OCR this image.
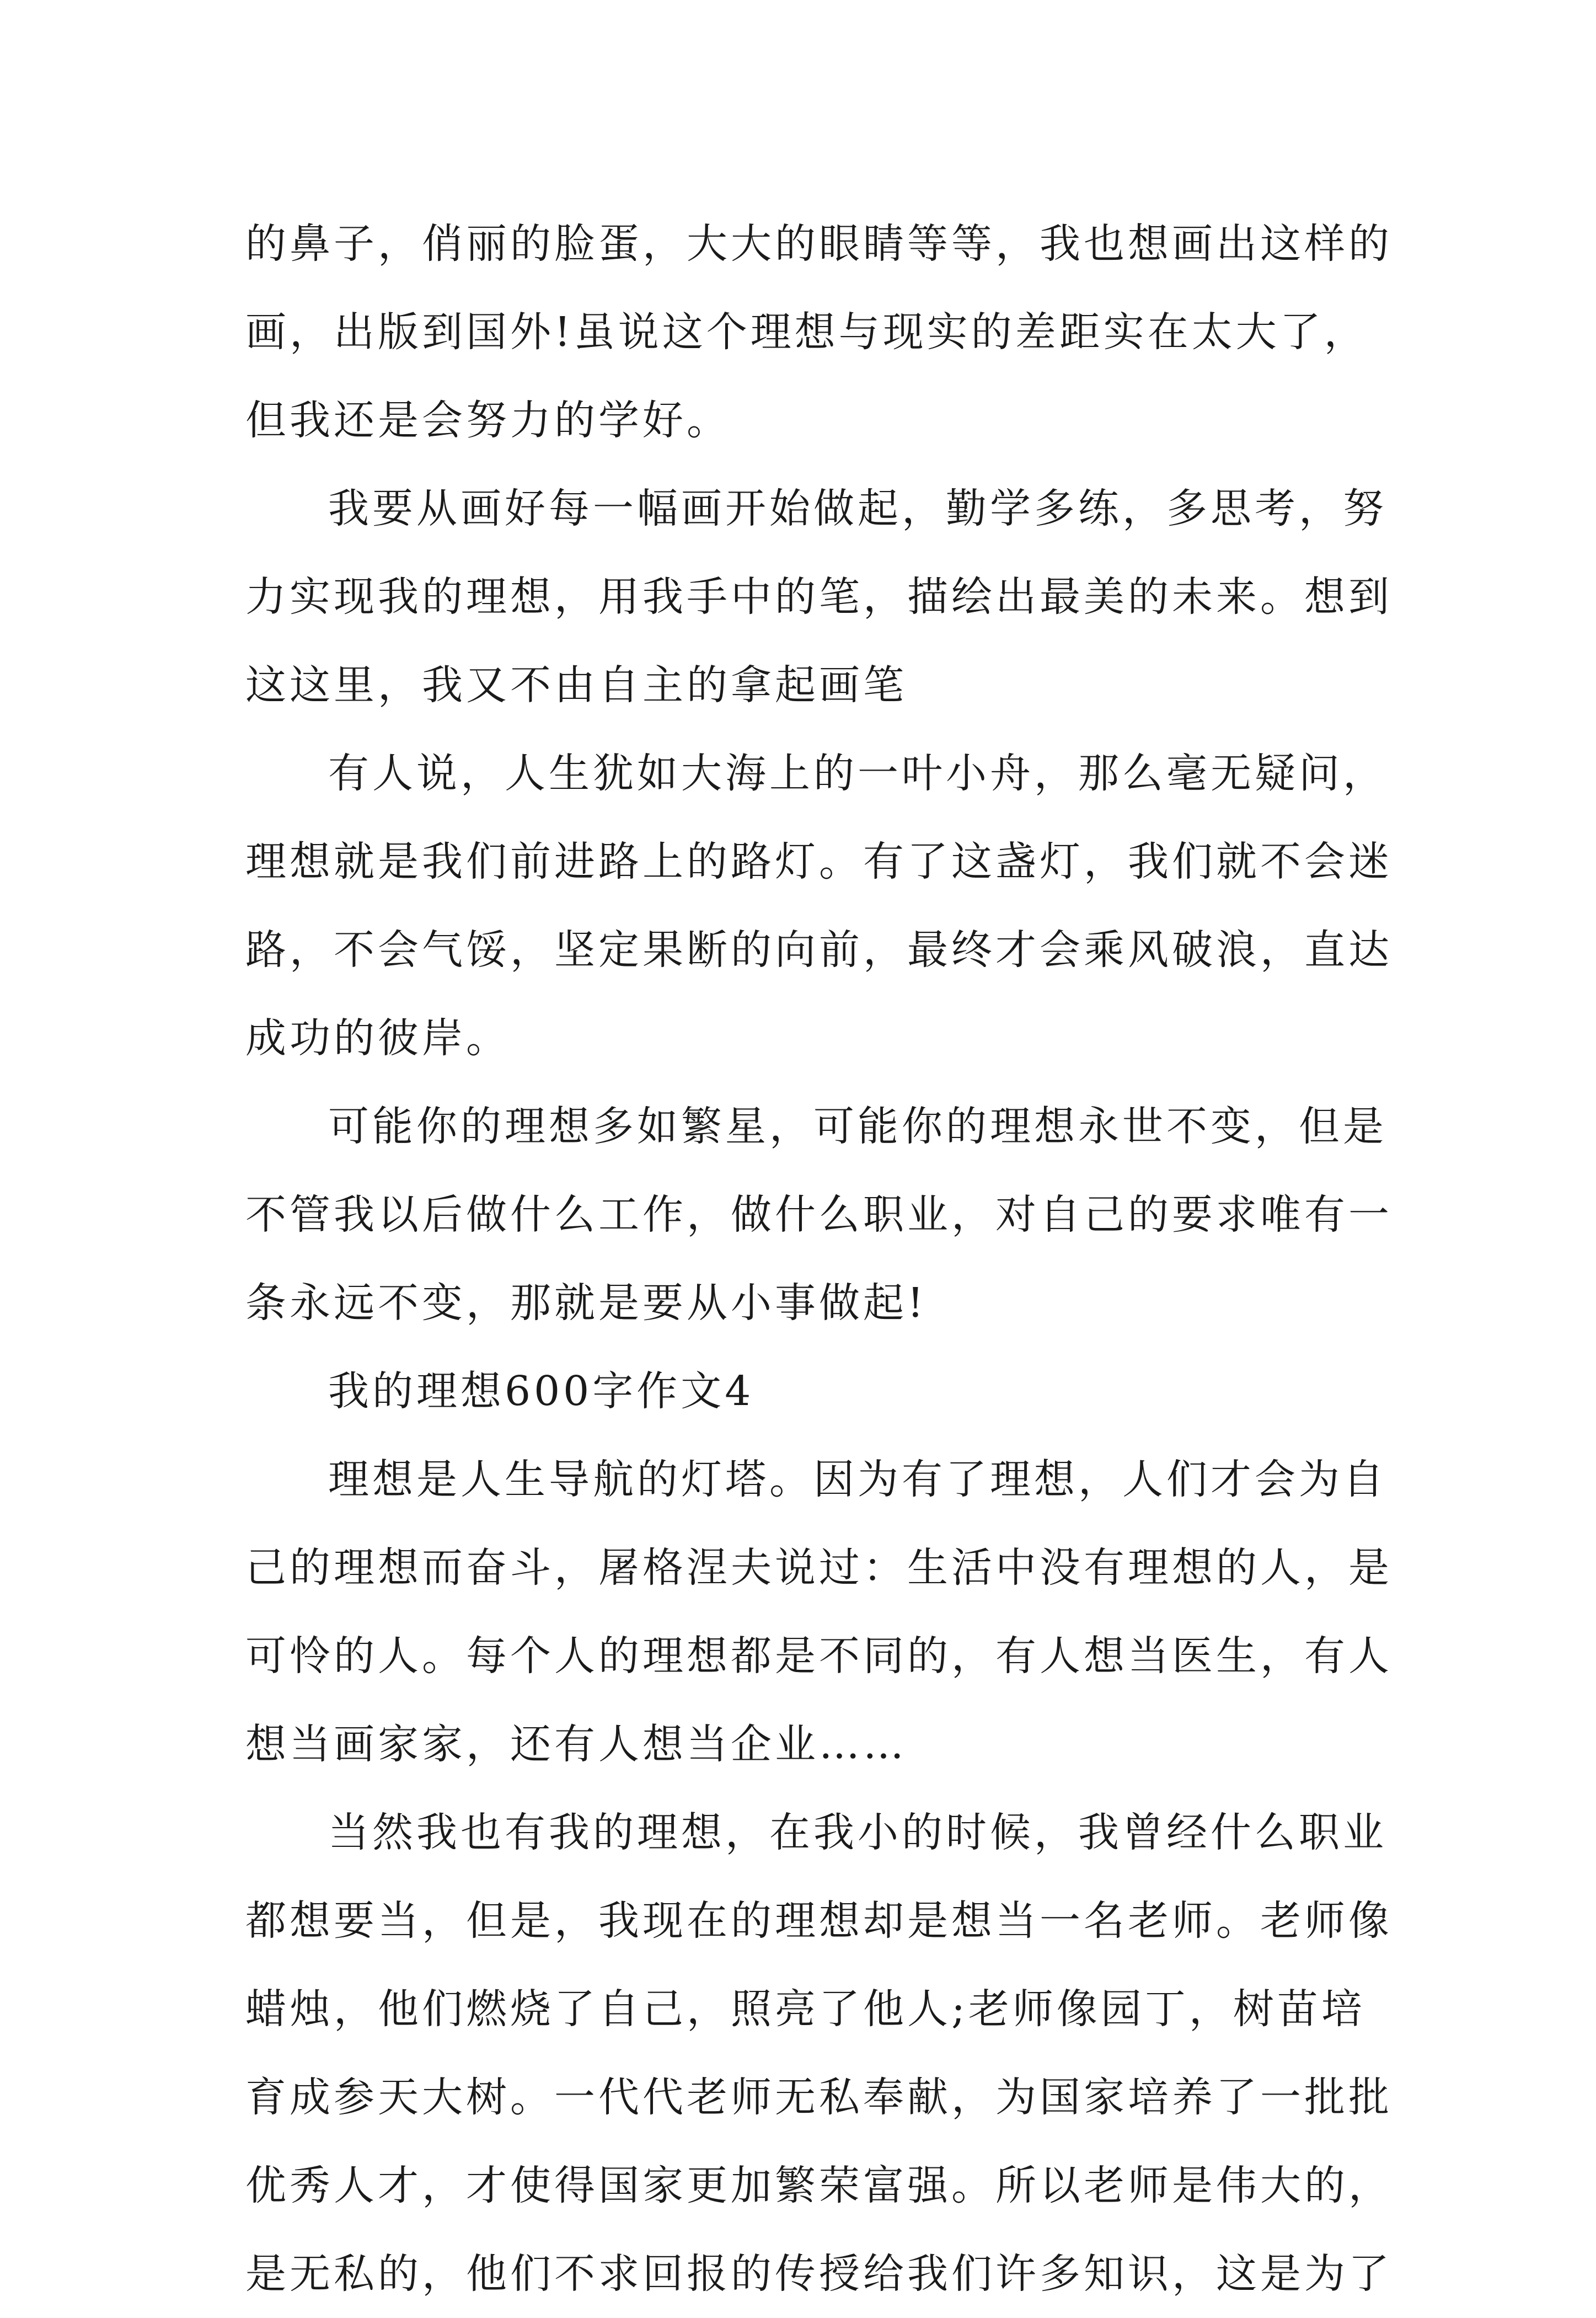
的鼻子，俏丽的脸蛋，大大的眼睛等等，我也想画出这样的
画，出版到国外!虽说这个理想与现实的差距实在太大了，
但我还是会努力的学好。
我要从画好每一幅画开始做起，勤学多练，多思考，努
力实现我的理想，用我手中的笔，描绘出最美的未来。想到
这这里，我又不由自主的拿起画笔
有人说，人生犹如大海上的一叶小舟，那么毫无疑问，
理想就是我们前进路上的路灯。有了这盏灯，我们就不会迷
路，不会气馁，坚定果断的向前，最终才会乘风破浪，直达
成功的彼岸。
可能你的理想多如繁星，可能你的理想永世不变，但是
不管我以后做什么工作，做什么职业，对自己的要求唯有一
条永远不变，那就是要从小事做起!
我的理想600字作文4
理想是人生导航的灯塔。因为有了理想，人们才会为自
己的理想而奋斗，屠格涅夫说过：生活中没有理想的人，是
可怜的人。每个人的理想都是不同的，有人想当医生，有人
想当画家家，还有人想当企业……
当然我也有我的理想，在我小的时候，我曾经什么职业
都想要当，但是，我现在的理想却是想当一名老师。老师像
蜡烛，他们燃烧了自己，照亮了他人;老师像园丁，树苗培
育成参天大树。一代代老师无私奉献，为国家培养了一批批
优秀人才，才使得国家更加繁荣富强。所以老师是伟大的，
是无私的，他们不求回报的传授给我们许多知识，这是为了
